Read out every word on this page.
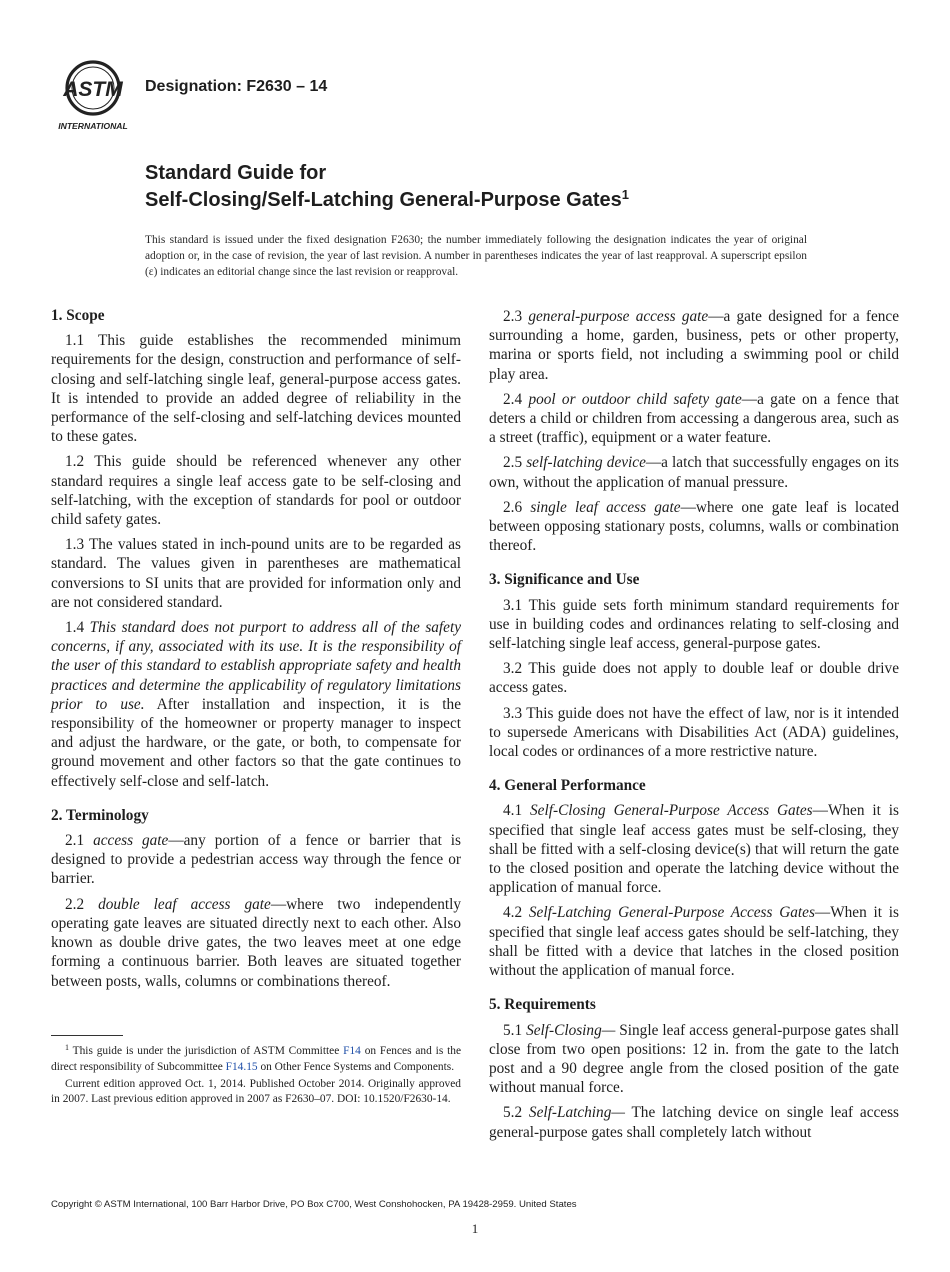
ASTM
INTERNATIONAL
Designation: F2630 – 14
Standard Guide for
Self-Closing/Self-Latching General-Purpose Gates$^1$

This standard is issued under the fixed designation F2630; the number immediately following the designation indicates the year of original adoption or, in the case of revision, the year of last revision. A number in parentheses indicates the year of last reapproval. A superscript epsilon (ε) indicates an editorial change since the last revision or reapproval.

1. Scope

1.1 This guide establishes the recommended minimum requirements for the design, construction and performance of self-closing and self-latching single leaf, general-purpose access gates. It is intended to provide an added degree of reliability in the performance of the self-closing and self-latching devices mounted to these gates.

1.2 This guide should be referenced whenever any other standard requires a single leaf access gate to be self-closing and self-latching, with the exception of standards for pool or outdoor child safety gates.

1.3 The values stated in inch-pound units are to be regarded as standard. The values given in parentheses are mathematical conversions to SI units that are provided for information only and are not considered standard.

1.4 This standard does not purport to address all of the safety concerns, if any, associated with its use. It is the responsibility of the user of this standard to establish appropriate safety and health practices and determine the applicability of regulatory limitations prior to use. After installation and inspection, it is the responsibility of the homeowner or property manager to inspect and adjust the hardware, or the gate, or both, to compensate for ground movement and other factors so that the gate continues to effectively self-close and self-latch.

2. Terminology

2.1 access gate—any portion of a fence or barrier that is designed to provide a pedestrian access way through the fence or barrier.

2.2 double leaf access gate—where two independently operating gate leaves are situated directly next to each other. Also known as double drive gates, the two leaves meet at one edge forming a continuous barrier. Both leaves are situated together between posts, walls, columns or combinations thereof.

2.3 general-purpose access gate—a gate designed for a fence surrounding a home, garden, business, pets or other property, marina or sports field, not including a swimming pool or child play area.

2.4 pool or outdoor child safety gate—a gate on a fence that deters a child or children from accessing a dangerous area, such as a street (traffic), equipment or a water feature.

2.5 self-latching device—a latch that successfully engages on its own, without the application of manual pressure.

2.6 single leaf access gate—where one gate leaf is located between opposing stationary posts, columns, walls or combination thereof.

3. Significance and Use

3.1 This guide sets forth minimum standard requirements for use in building codes and ordinances relating to self-closing and self-latching single leaf access, general-purpose gates.

3.2 This guide does not apply to double leaf or double drive access gates.

3.3 This guide does not have the effect of law, nor is it intended to supersede Americans with Disabilities Act (ADA) guidelines, local codes or ordinances of a more restrictive nature.

4. General Performance

4.1 Self-Closing General-Purpose Access Gates—When it is specified that single leaf access gates must be self-closing, they shall be fitted with a self-closing device(s) that will return the gate to the closed position and operate the latching device without the application of manual force.

4.2 Self-Latching General-Purpose Access Gates—When it is specified that single leaf access gates should be self-latching, they shall be fitted with a device that latches in the closed position without the application of manual force.

5. Requirements

5.1 Self-Closing— Single leaf access general-purpose gates shall close from two open positions: 12 in. from the gate to the latch post and a 90 degree angle from the closed position of the gate without manual force.

5.2 Self-Latching— The latching device on single leaf access general-purpose gates shall completely latch without

$^1$ This guide is under the jurisdiction of ASTM Committee F14 on Fences and is the direct responsibility of Subcommittee F14.15 on Other Fence Systems and Components.

Current edition approved Oct. 1, 2014. Published October 2014. Originally approved in 2007. Last previous edition approved in 2007 as F2630–07. DOI: 10.1520/F2630-14.

Copyright © ASTM International, 100 Barr Harbor Drive, PO Box C700, West Conshohocken, PA 19428-2959. United States
1
